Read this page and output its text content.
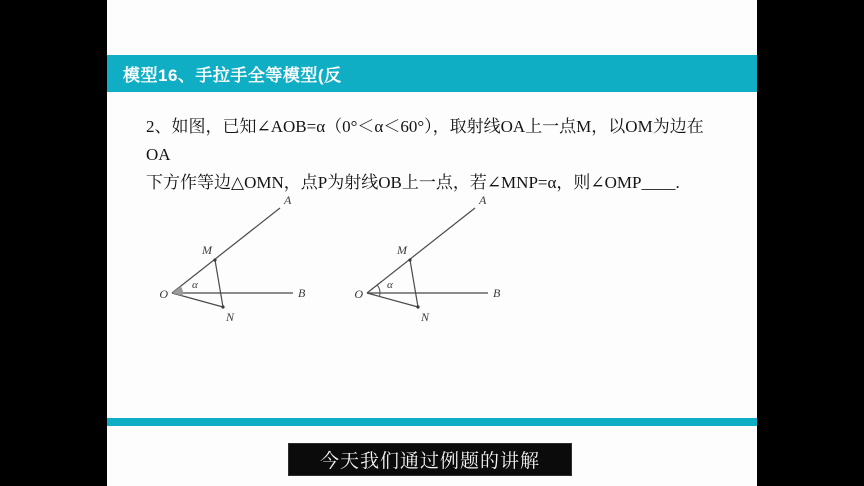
模型16、手拉手全等模型(反
2、如图，已知∠AOB=α（0°＜α＜60°），取射线OA上一点M，以OM为边在OA
下方作等边△OMN，点P为射线OB上一点，若∠MNP=α，则∠OMP____.
O
A
B
M
N
α
O
A
B
M
N
α
今天我们通过例题的讲解
